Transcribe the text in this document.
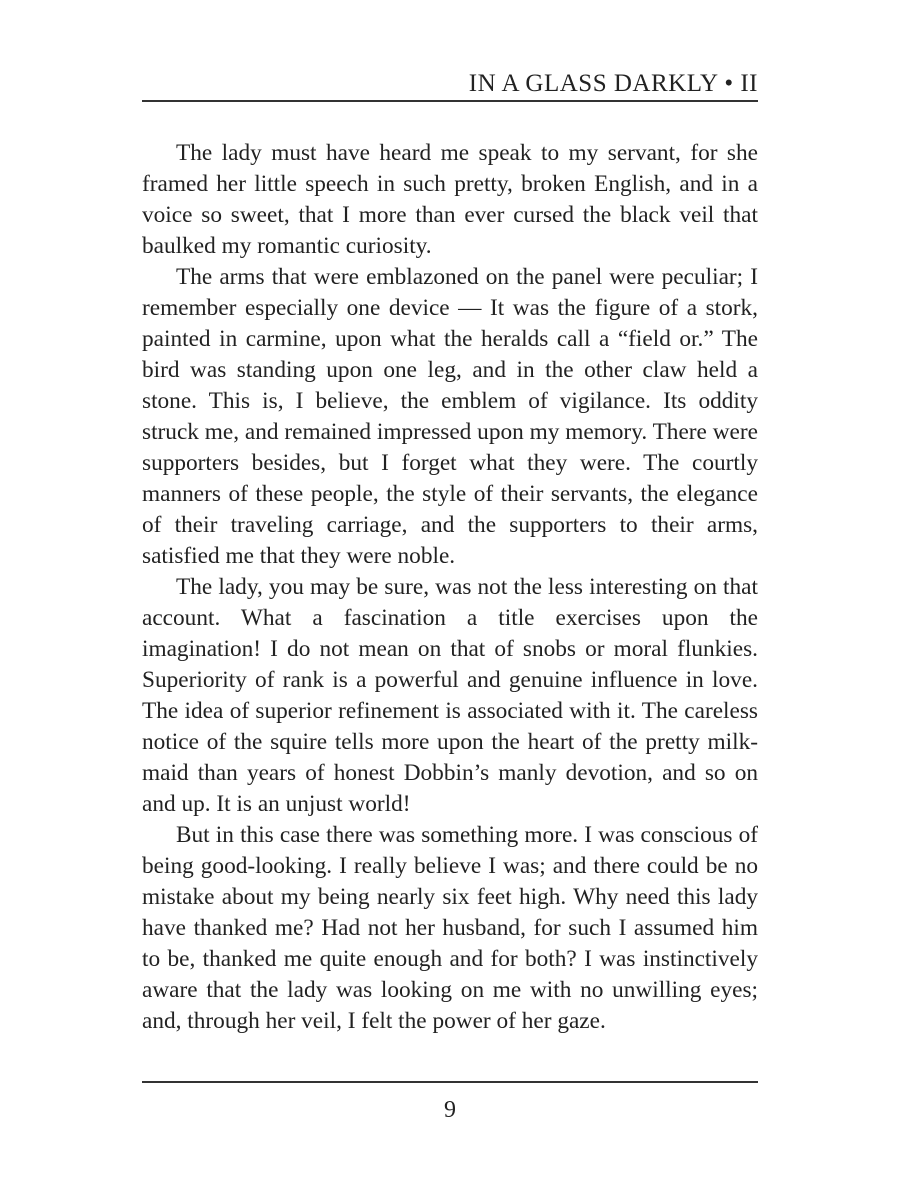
IN A GLASS DARKLY • II

The lady must have heard me speak to my servant, for she framed her little speech in such pretty, broken English, and in a voice so sweet, that I more than ever cursed the black veil that baulked my romantic curiosity.

The arms that were emblazoned on the panel were peculiar; I remember especially one device — It was the figure of a stork, painted in carmine, upon what the heralds call a “field or.” The bird was standing upon one leg, and in the other claw held a stone. This is, I believe, the emblem of vigilance. Its oddity struck me, and remained impressed upon my memory. There were supporters besides, but I forget what they were. The courtly manners of these people, the style of their servants, the elegance of their traveling carriage, and the supporters to their arms, satisfied me that they were noble.

The lady, you may be sure, was not the less interesting on that account. What a fascination a title exercises upon the imagination! I do not mean on that of snobs or moral flunkies. Superiority of rank is a powerful and genuine influence in love. The idea of superior refinement is associated with it. The careless notice of the squire tells more upon the heart of the pretty milk-maid than years of honest Dobbin’s manly devotion, and so on and up. It is an unjust world!

But in this case there was something more. I was conscious of being good-looking. I really believe I was; and there could be no mistake about my being nearly six feet high. Why need this lady have thanked me? Had not her husband, for such I assumed him to be, thanked me quite enough and for both? I was instinctively aware that the lady was looking on me with no unwilling eyes; and, through her veil, I felt the power of her gaze.

9
